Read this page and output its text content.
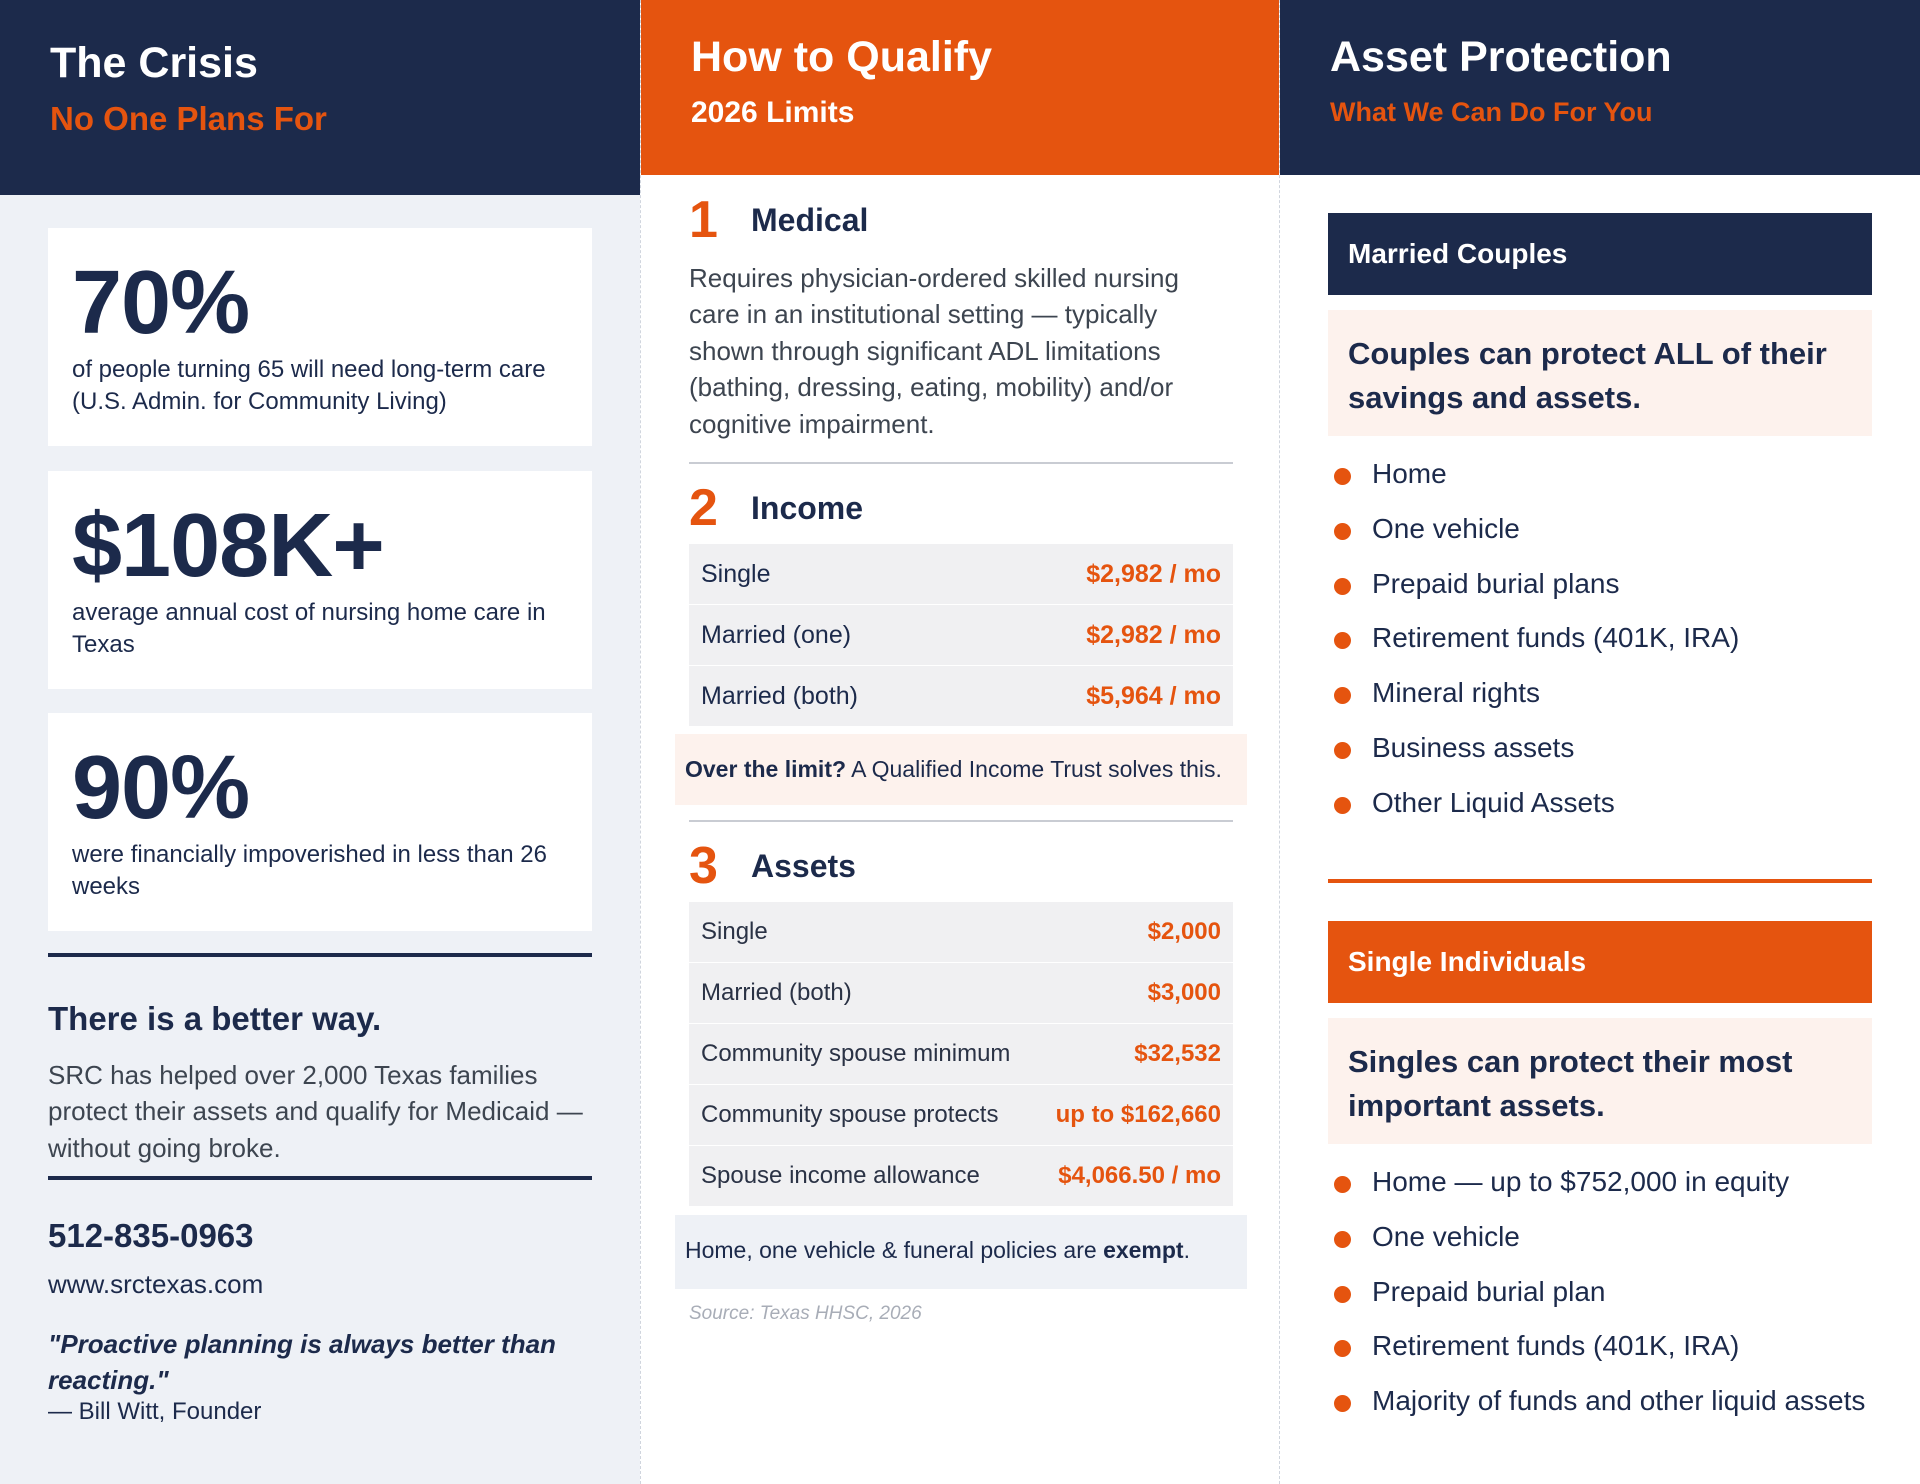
The Crisis
No One Plans For
70%
of people turning 65 will need long-term care (U.S. Admin. for Community Living)
$108K+
average annual cost of nursing home care in Texas
90%
were financially impoverished in less than 26 weeks
There is a better way.
SRC has helped over 2,000 Texas families protect their assets and qualify for Medicaid — without going broke.
512-835-0963
www.srctexas.com
"Proactive planning is always better than reacting."
— Bill Witt, Founder
How to Qualify
2026 Limits
1 Medical
Requires physician-ordered skilled nursing care in an institutional setting — typically shown through significant ADL limitations (bathing, dressing, eating, mobility) and/or cognitive impairment.
2 Income
Single	$2,982 / mo
Married (one)	$2,982 / mo
Married (both)	$5,964 / mo
Over the limit? A Qualified Income Trust solves this.
3 Assets
Single	$2,000
Married (both)	$3,000
Community spouse minimum	$32,532
Community spouse protects up to $162,660
Spouse income allowance	$4,066.50 / mo
Home, one vehicle & funeral policies are exempt.
Source: Texas HHSC, 2026
Asset Protection
What We Can Do For You
Married Couples
Couples can protect ALL of their savings and assets.
Home
One vehicle
Prepaid burial plans
Retirement funds (401K, IRA)
Mineral rights
Business assets
Other Liquid Assets
Single Individuals
Singles can protect their most important assets.
Home — up to $752,000 in equity
One vehicle
Prepaid burial plan
Retirement funds (401K, IRA)
Majority of funds and other liquid assets
